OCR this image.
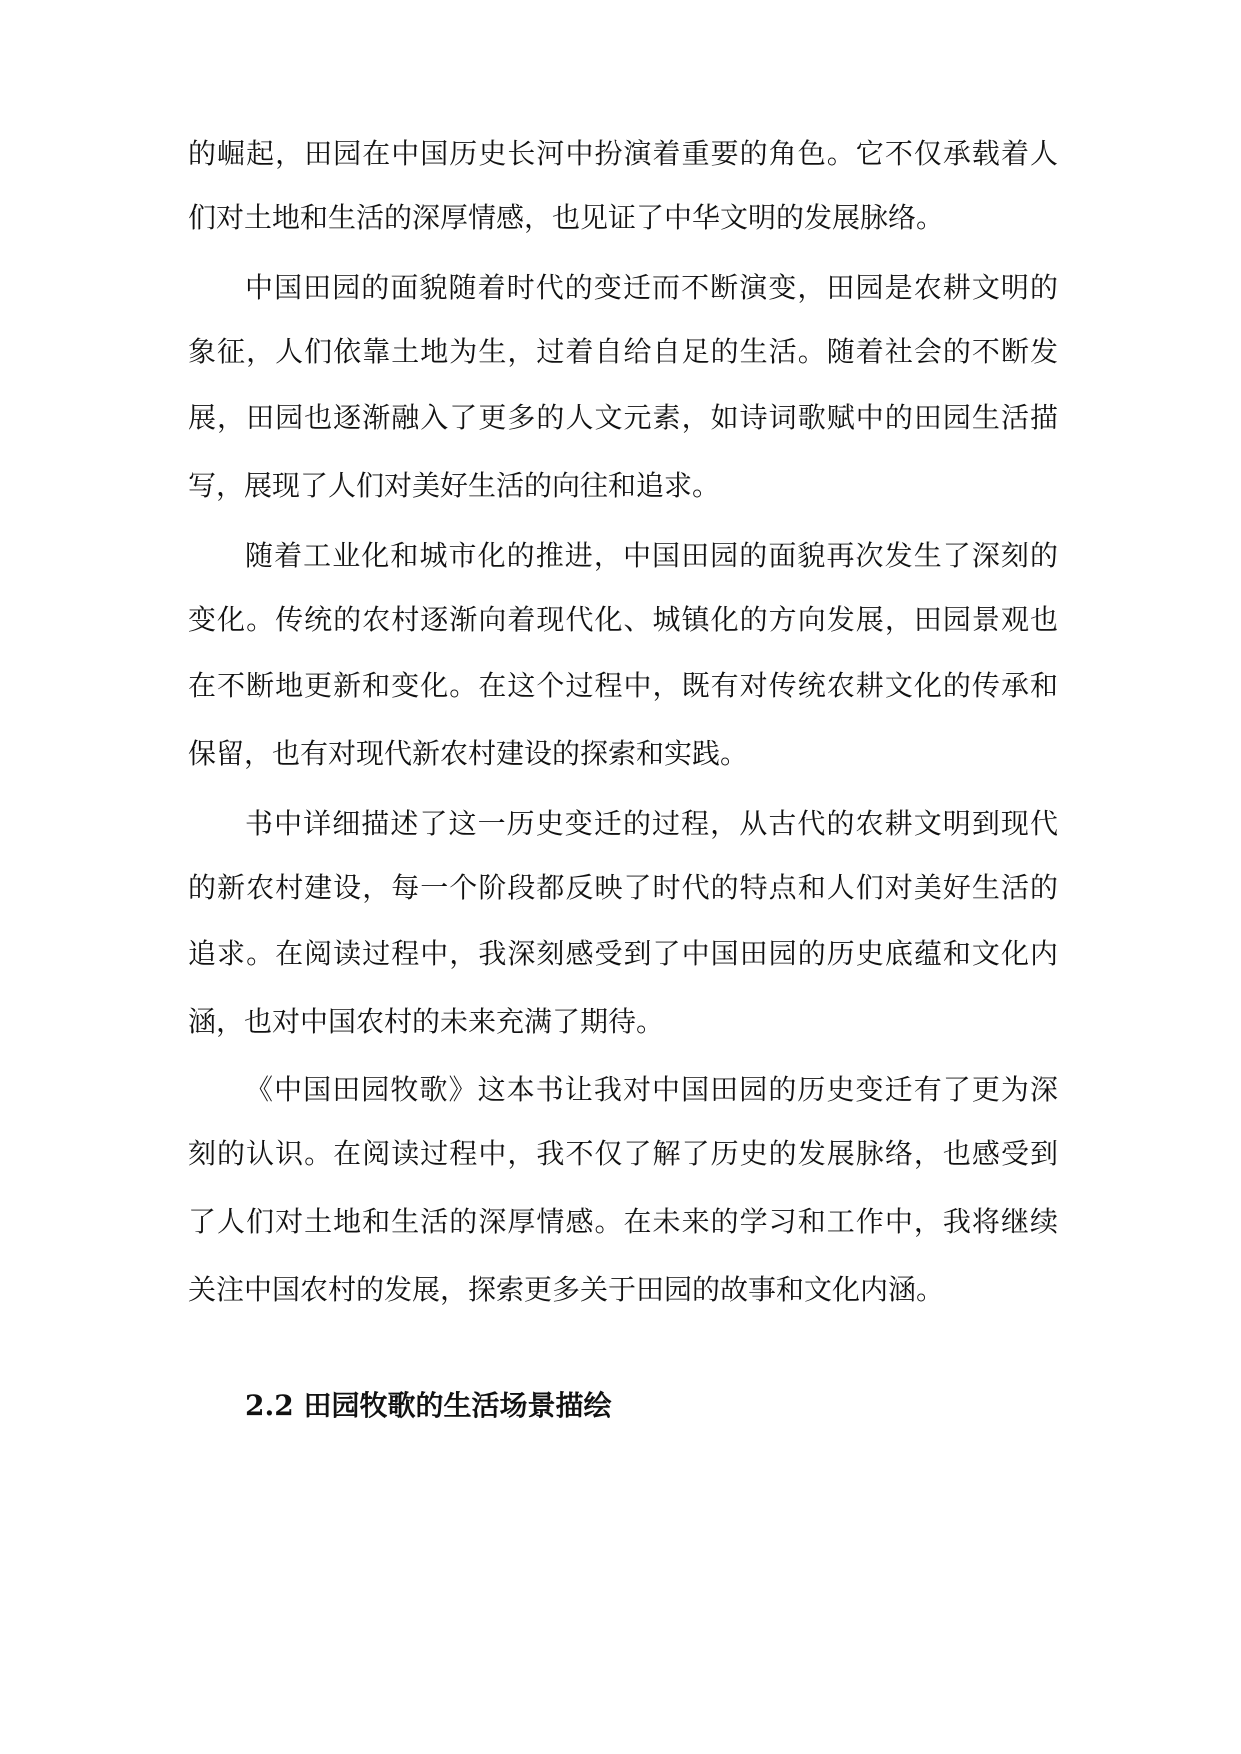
的崛起，田园在中国历史长河中扮演着重要的角色。它不仅承载着人
们对土地和生活的深厚情感，也见证了中华文明的发展脉络。
中国田园的面貌随着时代的变迁而不断演变，田园是农耕文明的
象征，人们依靠土地为生，过着自给自足的生活。随着社会的不断发
展，田园也逐渐融入了更多的人文元素，如诗词歌赋中的田园生活描
写，展现了人们对美好生活的向往和追求。
随着工业化和城市化的推进，中国田园的面貌再次发生了深刻的
变化。传统的农村逐渐向着现代化、城镇化的方向发展，田园景观也
在不断地更新和变化。在这个过程中，既有对传统农耕文化的传承和
保留，也有对现代新农村建设的探索和实践。
书中详细描述了这一历史变迁的过程，从古代的农耕文明到现代
的新农村建设，每一个阶段都反映了时代的特点和人们对美好生活的
追求。在阅读过程中，我深刻感受到了中国田园的历史底蕴和文化内
涵，也对中国农村的未来充满了期待。
《中国田园牧歌》这本书让我对中国田园的历史变迁有了更为深
刻的认识。在阅读过程中，我不仅了解了历史的发展脉络，也感受到
了人们对土地和生活的深厚情感。在未来的学习和工作中，我将继续
关注中国农村的发展，探索更多关于田园的故事和文化内涵。
2.2 田园牧歌的生活场景描绘
